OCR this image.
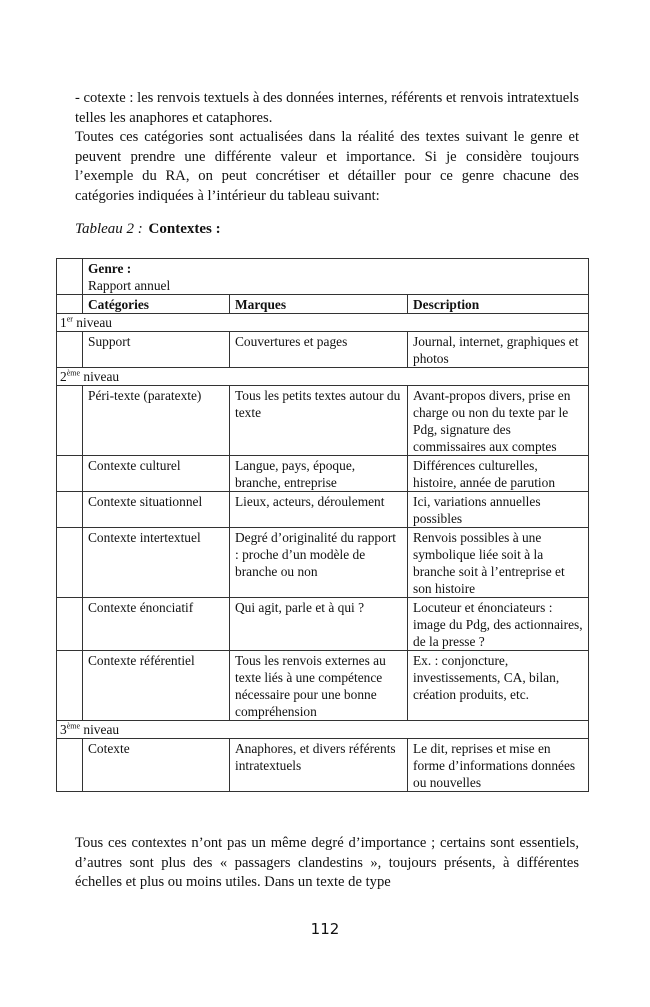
- cotexte : les renvois textuels à des données internes, référents et renvois intratextuels telles les anaphores et cataphores.
Toutes ces catégories sont actualisées dans la réalité des textes suivant le genre et peuvent prendre une différente valeur et importance. Si je considère toujours l’exemple du RA, on peut concrétiser et détailler pour ce genre chacune des catégories indiquées à l’intérieur du tableau suivant:
Tableau 2 : Contextes :

	Genre :
Rapport annuel		

	Catégories	Marques	Description
1er niveau			
	Support	Couvertures et pages	Journal, internet, graphiques et photos
2ème niveau			
	Péri-texte (paratexte)	Tous les petits textes autour du texte	Avant-propos divers, prise en charge ou non du texte par le Pdg, signature des commissaires aux comptes
	Contexte culturel	Langue, pays, époque, branche, entreprise	Différences culturelles, histoire, année de parution
	Contexte situationnel	Lieux, acteurs, déroulement	Ici, variations annuelles possibles
	Contexte intertextuel	Degré d’originalité du rapport : proche d’un modèle de branche ou non	Renvois possibles à une symbolique liée soit à la branche soit à l’entreprise et son histoire
	Contexte énonciatif	Qui agit, parle et à qui ?	Locuteur et énonciateurs : image du Pdg, des actionnaires, de la presse ?
	Contexte référentiel	Tous les renvois externes au texte liés à une compétence nécessaire pour une bonne compréhension	Ex. : conjoncture, investissements, CA, bilan, création produits, etc.
3ème niveau			
	Cotexte	Anaphores, et divers référents intratextuels	Le dit, reprises et mise en forme d’informations données ou nouvelles
Tous ces contextes n’ont pas un même degré d’importance ; certains sont essentiels, d’autres sont plus des « passagers clandestins », toujours présents, à différentes échelles et plus ou moins utiles. Dans un texte de type
112
